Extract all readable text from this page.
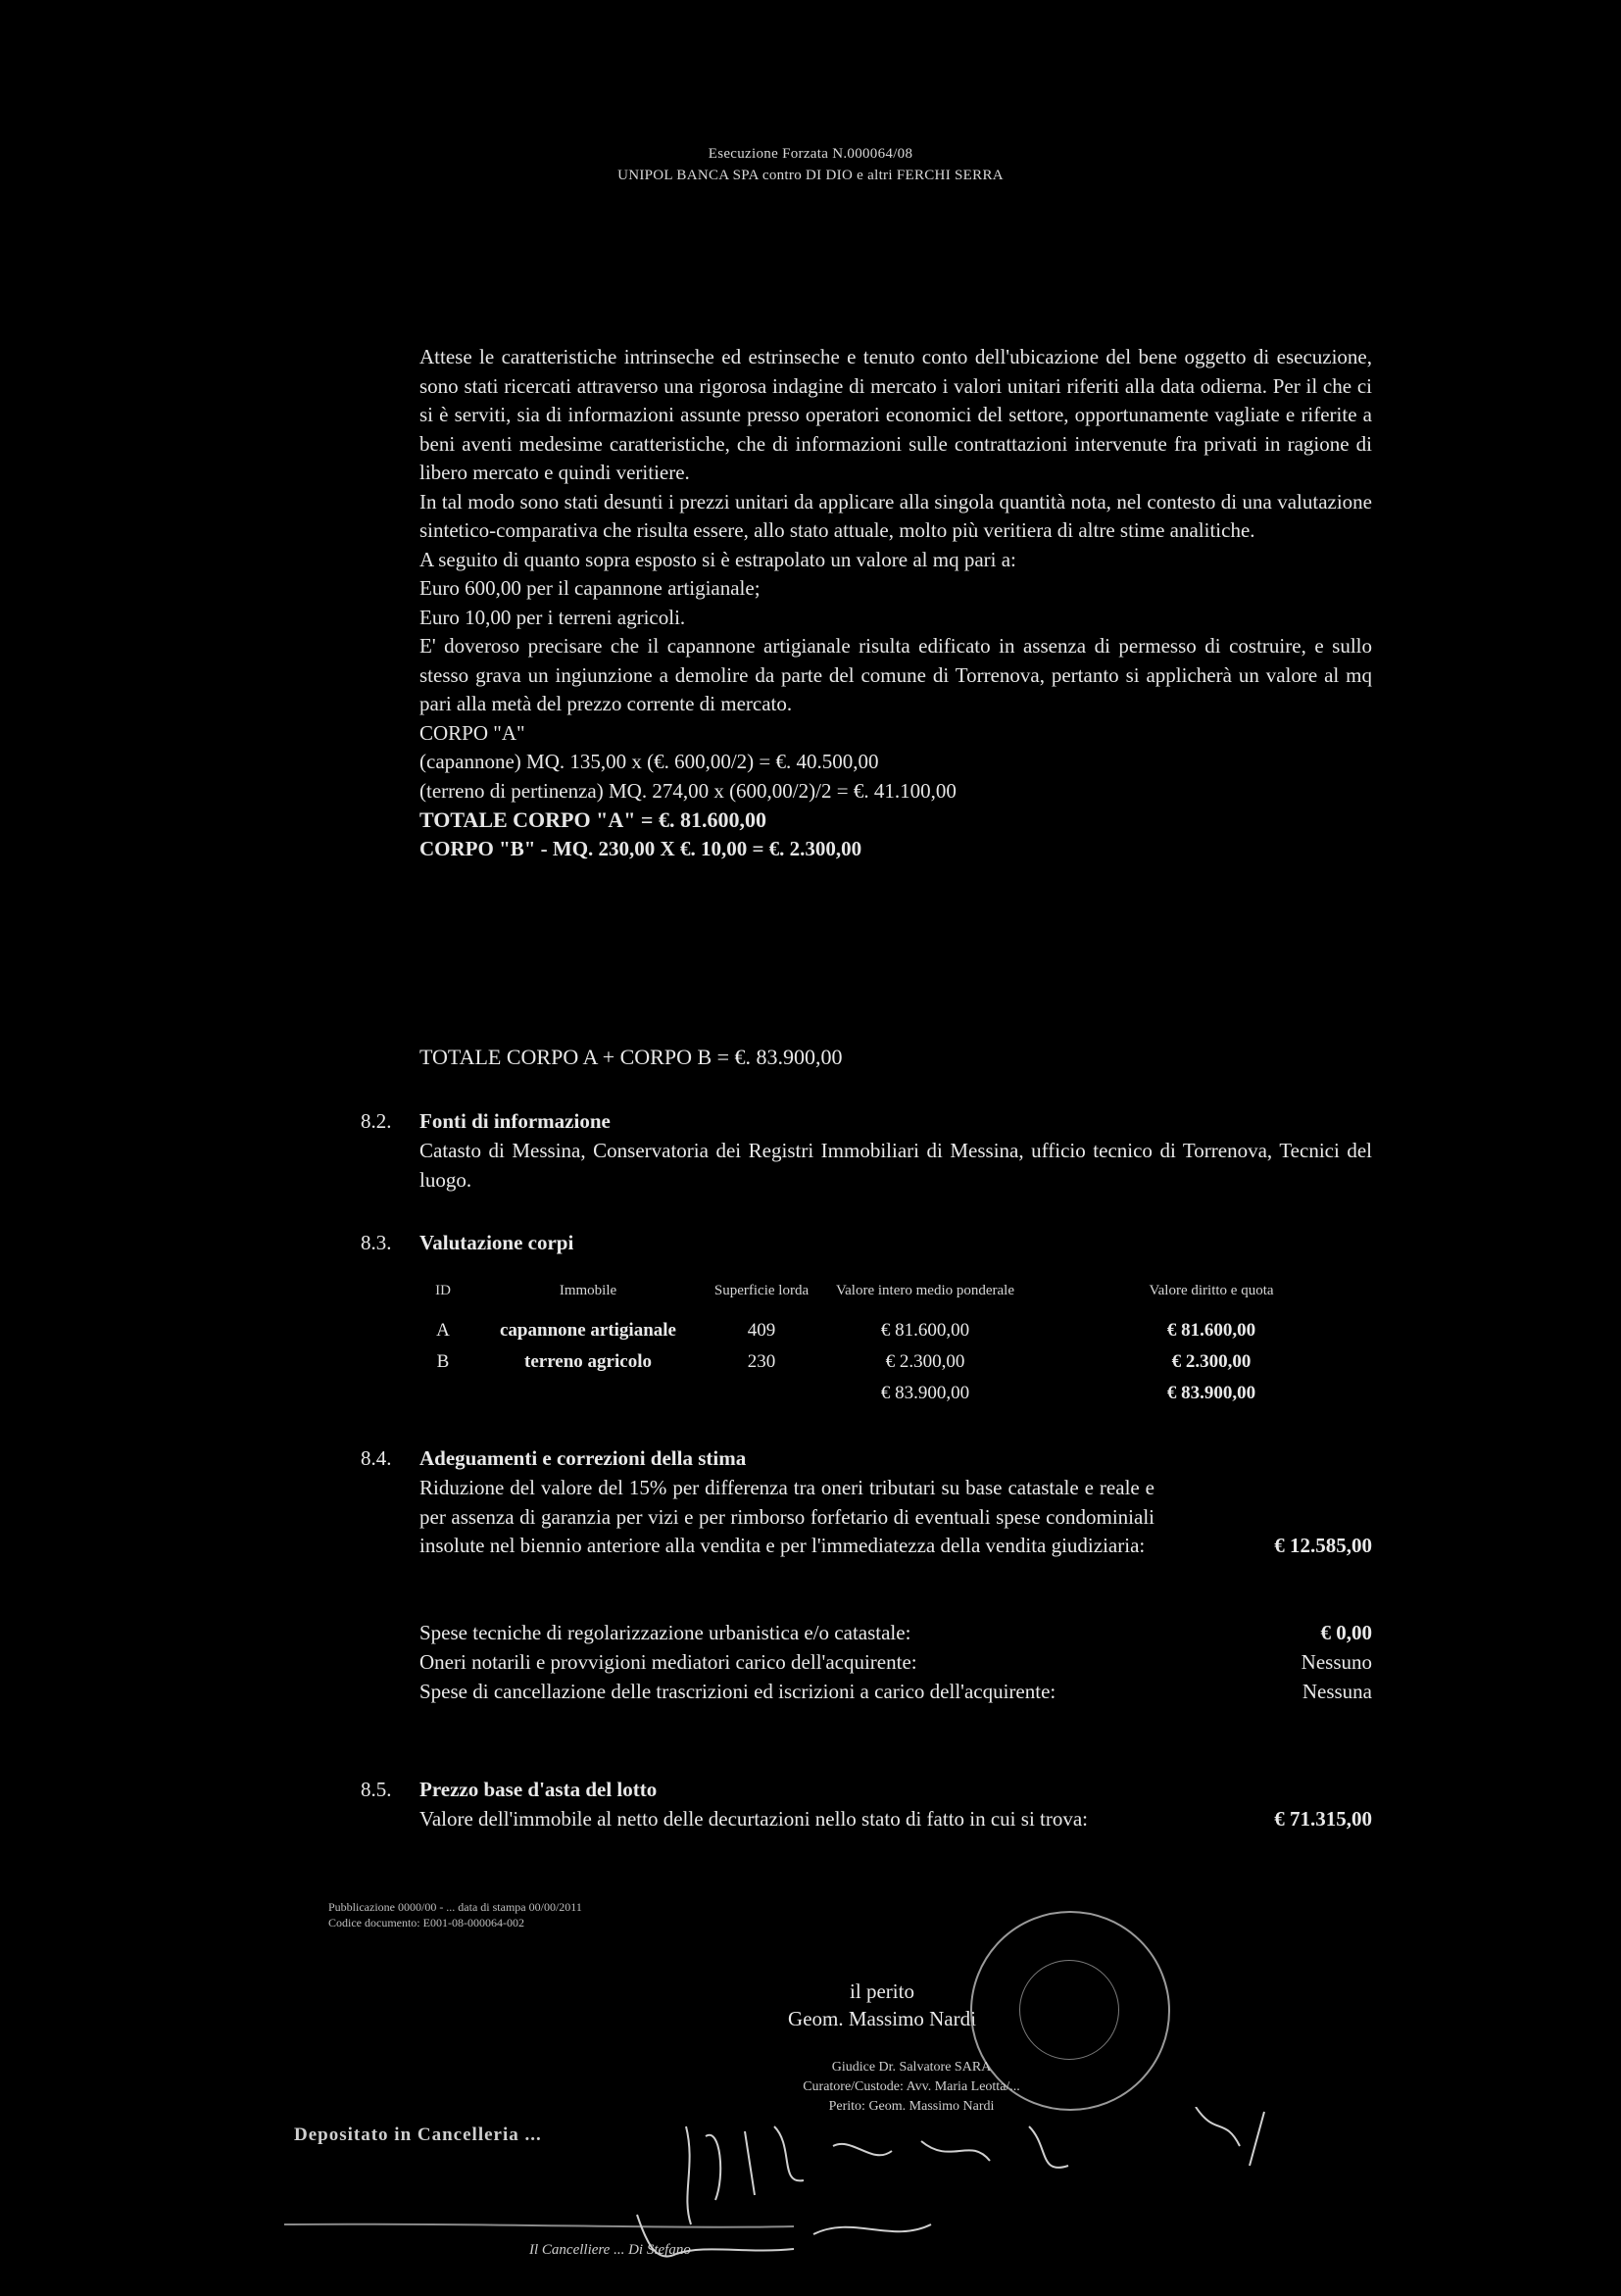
Esecuzione Forzata N.000064/08
UNIPOL BANCA SPA contro DI DIO e altri FERCHI SERRA

Attese le caratteristiche intrinseche ed estrinseche e tenuto conto dell'ubicazione del bene oggetto di esecuzione, sono stati ricercati attraverso una rigorosa indagine di mercato i valori unitari riferiti alla data odierna. Per il che ci si è serviti, sia di informazioni assunte presso operatori economici del settore, opportunamente vagliate e riferite a beni aventi medesime caratteristiche, che di informazioni sulle contrattazioni intervenute fra privati in ragione di libero mercato e quindi veritiere.

In tal modo sono stati desunti i prezzi unitari da applicare alla singola quantità nota, nel contesto di una valutazione sintetico-comparativa che risulta essere, allo stato attuale, molto più veritiera di altre stime analitiche.

A seguito di quanto sopra esposto si è estrapolato un valore al mq pari a:

Euro 600,00 per il capannone artigianale;

Euro 10,00 per i terreni agricoli.

E' doveroso precisare che il capannone artigianale risulta edificato in assenza di permesso di costruire, e sullo stesso grava un ingiunzione a demolire da parte del comune di Torrenova, pertanto si applicherà un valore al mq pari alla metà del prezzo corrente di mercato.

CORPO "A"

(capannone) MQ. 135,00 x (€. 600,00/2) = €. 40.500,00

(terreno di pertinenza) MQ. 274,00 x (600,00/2)/2 = €. 41.100,00

TOTALE CORPO "A" = €. 81.600,00

CORPO "B" - MQ. 230,00 X €. 10,00 = €. 2.300,00

TOTALE CORPO A + CORPO B = €. 83.900,00
8.2.	Fonti di informazione
Catasto di Messina, Conservatoria dei Registri Immobiliari di Messina, ufficio tecnico di Torrenova, Tecnici del luogo.
8.3.	Valutazione corpi
ID	Immobile	Superficie lorda	Valore intero medio ponderale	Valore diritto e quota
A	capannone artigianale	409	€ 81.600,00	€ 81.600,00
B	terreno agricolo	230	€ 2.300,00	€ 2.300,00
			€ 83.900,00	€ 83.900,00
8.4.	Adeguamenti e correzioni della stima
Riduzione del valore del 15% per differenza tra oneri tributari su base catastale e reale e per assenza di garanzia per vizi e per rimborso forfetario di eventuali spese condominiali insolute nel biennio anteriore alla vendita e per l'immediatezza della vendita giudiziaria:	€ 12.585,00
Spese tecniche di regolarizzazione urbanistica e/o catastale:	€ 0,00
Oneri notarili e provvigioni mediatori carico dell'acquirente:	Nessuno
Spese di cancellazione delle trascrizioni ed iscrizioni a carico dell'acquirente:	Nessuna
8.5.	Prezzo base d'asta del lotto
Valore dell'immobile al netto delle decurtazioni nello stato di fatto in cui si trova:	€ 71.315,00
Pubblicazione 0000/00 - ... data di stampa 00/00/2011
Codice documento: E001-08-000064-002
il perito
Geom. Massimo Nardi
Giudice Dr. Salvatore SARA
Curatore/Custode: Avv. Maria Leotta/...
Perito: Geom. Massimo Nardi
Depositato in Cancelleria ...
Il Cancelliere ... Di Stefano
